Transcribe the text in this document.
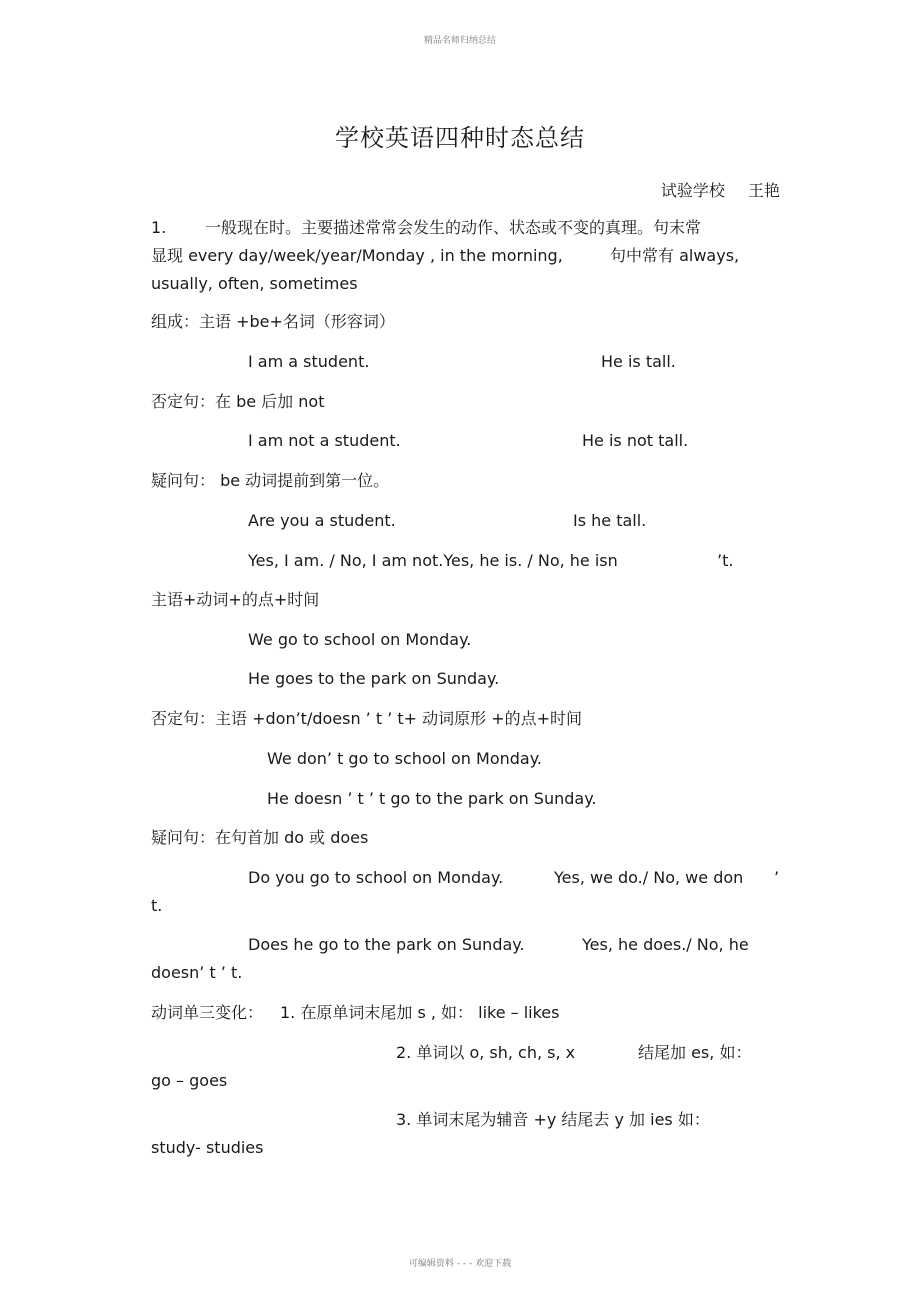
精品名师归纳总结
学校英语四种时态总结
试验学校 王艳
1. 一般现在时。主要描述常常会发生的动作、状态或不变的真理。句末常
显现 every day/week/year/Monday , in the morning,	句中常有 always,
usually, often, sometimes
组成：主语 +be+名词（形容词）
I am a student.	He is tall.
否定句：在 be 后加 not
I am not a student.	He is not tall.
疑问句： be 动词提前到第一位。
Are you a student.	Is he tall.
Yes, I am. / No, I am not.Yes, he is. / No, he isn	’t.
主语+动词+的点+时间
We go to school on Monday.
He goes to the park on Sunday.
否定句：主语 +don’t/doesn ’ t ’ t+ 动词原形 +的点+时间
We don’ t go to school on Monday.
He doesn ’ t ’ t go to the park on Sunday.
疑问句：在句首加 do 或 does
Do you go to school on Monday.	Yes, we do./ No, we don ’
t.
Does he go to the park on Sunday.	Yes, he does./ No, he
doesn’ t ’ t.
动词单三变化： 1. 在原单词末尾加 s , 如： like – likes
2. 单词以 o, sh, ch, s, x	结尾加 es, 如：
go – goes
3. 单词末尾为辅音 +y 结尾去 y 加 ies 如：
study- studies
可编辑资料 - - - 欢迎下载
